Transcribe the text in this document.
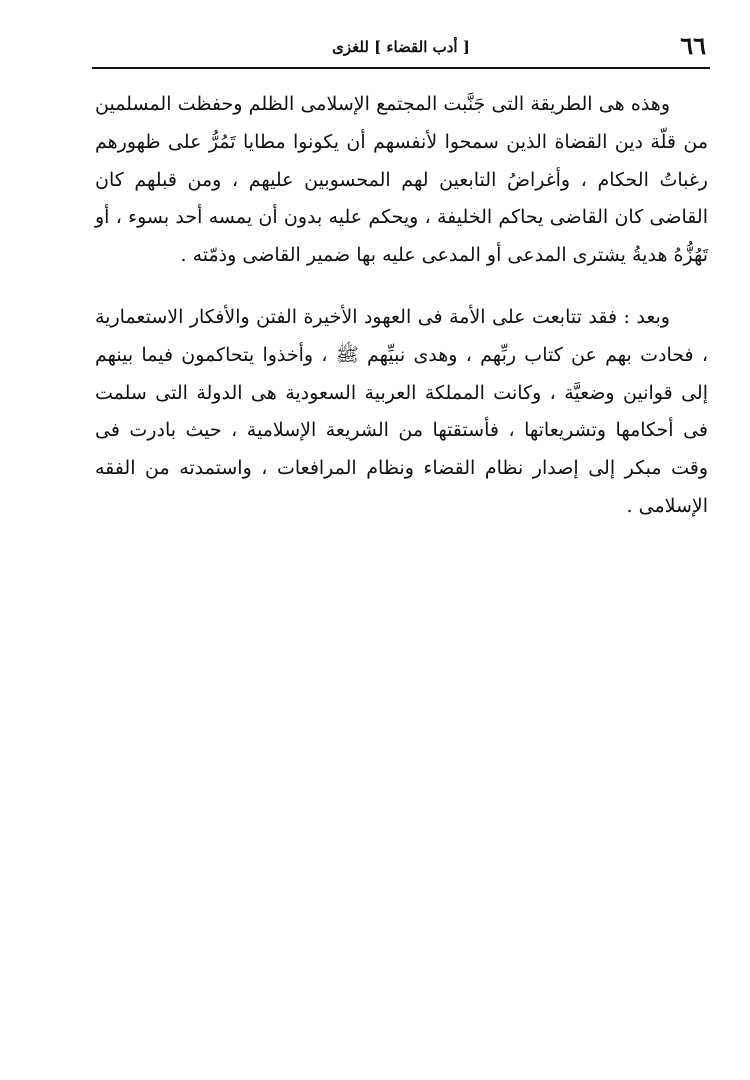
٦٦
[ أدب القضاء ] للغزى

وهذه هى الطريقة التى جَنَّبت المجتمع الإسلامى الظلم وحفظت المسلمين من قلّة دين القضاة الذين سمحوا لأنفسهم أن يكونوا مطايا تَمُرُّ على ظهورهم رغباتُ الحكام ، وأغراضُ التابعين لهم المحسوبين عليهم ، ومن قبلهم كان القاضى كان القاضى يحاكم الخليفة ، ويحكم عليه بدون أن يمسه أحد بسوء ، أو تَهُزُّهُ هديةُ يشترى المدعى أو المدعى عليه بها ضمير القاضى وذمّته .

وبعد : فقد تتابعت على الأمة فى العهود الأخيرة الفتن والأفكار الاستعمارية ، فحادت بهم عن كتاب ربِّهم ، وهدى نبيِّهم ﷺ ، وأخذوا يتحاكمون فيما بينهم إلى قوانين وضعيَّة ، وكانت المملكة العربية السعودية هى الدولة التى سلمت فى أحكامها وتشريعاتها ، فأستقتها من الشريعة الإسلامية ، حيث بادرت فى وقت مبكر إلى إصدار نظام القضاء ونظام المرافعات ، واستمدته من الفقه الإسلامى .
